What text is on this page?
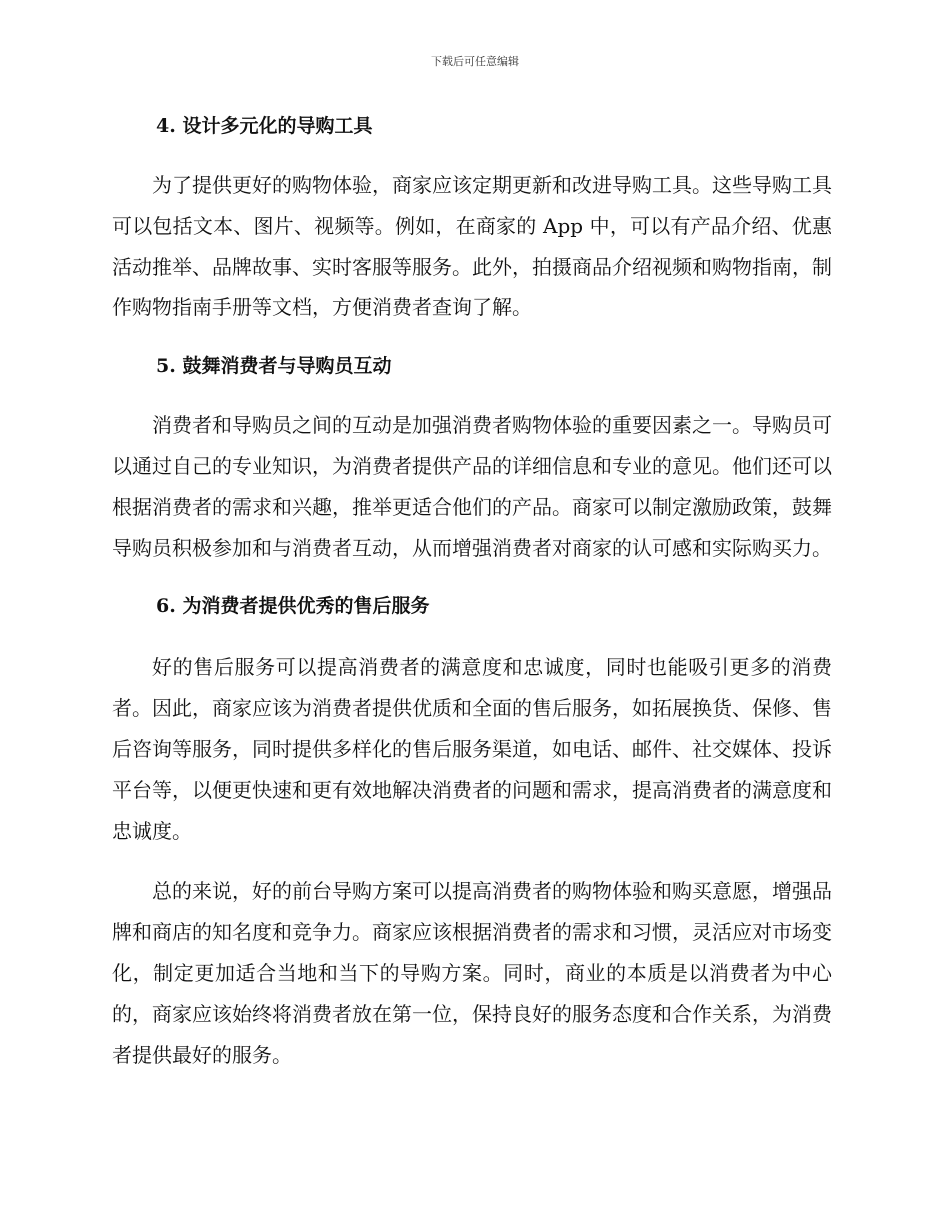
下载后可任意编辑
4. 设计多元化的导购工具

为了提供更好的购物体验，商家应该定期更新和改进导购工具。这些导购工具可以包括文本、图片、视频等。例如，在商家的 App 中，可以有产品介绍、优惠活动推举、品牌故事、实时客服等服务。此外，拍摄商品介绍视频和购物指南，制作购物指南手册等文档，方便消费者查询了解。

5. 鼓舞消费者与导购员互动

消费者和导购员之间的互动是加强消费者购物体验的重要因素之一。导购员可以通过自己的专业知识，为消费者提供产品的详细信息和专业的意见。他们还可以根据消费者的需求和兴趣，推举更适合他们的产品。商家可以制定激励政策，鼓舞导购员积极参加和与消费者互动，从而增强消费者对商家的认可感和实际购买力。

6. 为消费者提供优秀的售后服务

好的售后服务可以提高消费者的满意度和忠诚度，同时也能吸引更多的消费者。因此，商家应该为消费者提供优质和全面的售后服务，如拓展换货、保修、售后咨询等服务，同时提供多样化的售后服务渠道，如电话、邮件、社交媒体、投诉平台等，以便更快速和更有效地解决消费者的问题和需求，提高消费者的满意度和忠诚度。

总的来说，好的前台导购方案可以提高消费者的购物体验和购买意愿，增强品牌和商店的知名度和竞争力。商家应该根据消费者的需求和习惯，灵活应对市场变化，制定更加适合当地和当下的导购方案。同时，商业的本质是以消费者为中心的，商家应该始终将消费者放在第一位，保持良好的服务态度和合作关系，为消费者提供最好的服务。
